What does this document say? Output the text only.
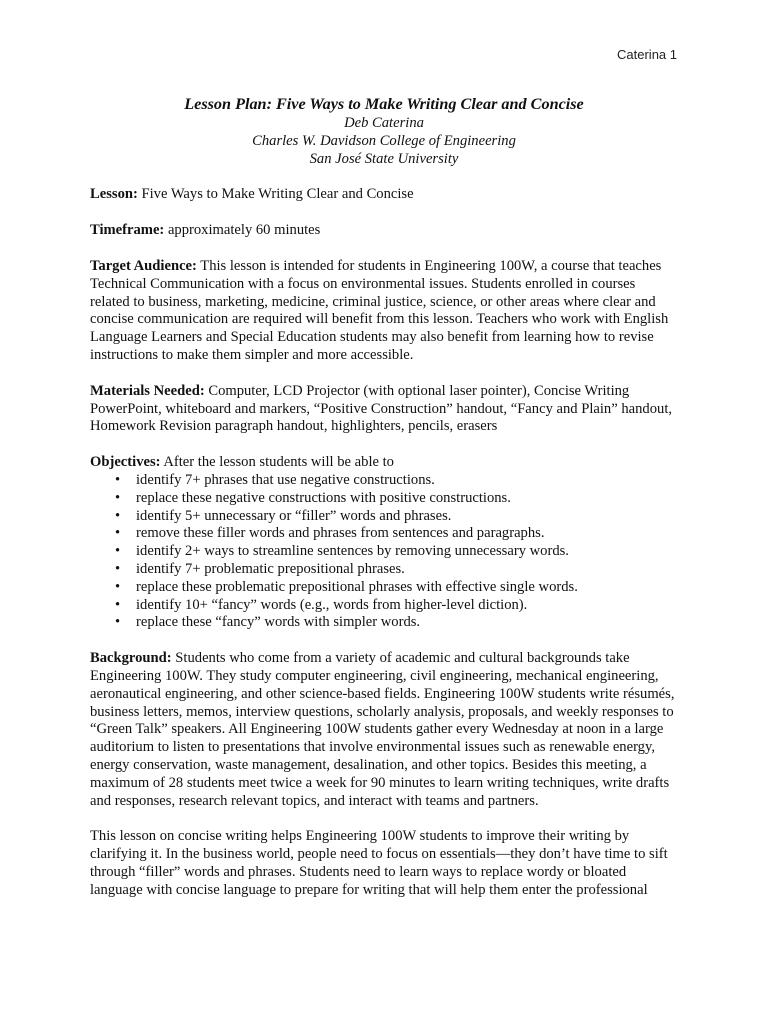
Caterina 1
Lesson Plan: Five Ways to Make Writing Clear and Concise
Deb Caterina
Charles W. Davidson College of Engineering
San José State University

Lesson: Five Ways to Make Writing Clear and Concise

Timeframe: approximately 60 minutes

Target Audience: This lesson is intended for students in Engineering 100W, a course that teaches Technical Communication with a focus on environmental issues. Students enrolled in courses related to business, marketing, medicine, criminal justice, science, or other areas where clear and concise communication are required will benefit from this lesson. Teachers who work with English Language Learners and Special Education students may also benefit from learning how to revise instructions to make them simpler and more accessible.

Materials Needed: Computer, LCD Projector (with optional laser pointer), Concise Writing PowerPoint, whiteboard and markers, “Positive Construction” handout, “Fancy and Plain” handout, Homework Revision paragraph handout, highlighters, pencils, erasers

Objectives: After the lesson students will be able to
• identify 7+ phrases that use negative constructions.
• replace these negative constructions with positive constructions.
• identify 5+ unnecessary or “filler” words and phrases.
• remove these filler words and phrases from sentences and paragraphs.
• identify 2+ ways to streamline sentences by removing unnecessary words.
• identify 7+ problematic prepositional phrases.
• replace these problematic prepositional phrases with effective single words.
• identify 10+ “fancy” words (e.g., words from higher-level diction).
• replace these “fancy” words with simpler words.

Background: Students who come from a variety of academic and cultural backgrounds take Engineering 100W. They study computer engineering, civil engineering, mechanical engineering, aeronautical engineering, and other science-based fields. Engineering 100W students write résumés, business letters, memos, interview questions, scholarly analysis, proposals, and weekly responses to “Green Talk” speakers. All Engineering 100W students gather every Wednesday at noon in a large auditorium to listen to presentations that involve environmental issues such as renewable energy, energy conservation, waste management, desalination, and other topics. Besides this meeting, a maximum of 28 students meet twice a week for 90 minutes to learn writing techniques, write drafts and responses, research relevant topics, and interact with teams and partners.

This lesson on concise writing helps Engineering 100W students to improve their writing by clarifying it. In the business world, people need to focus on essentials—they don’t have time to sift through “filler” words and phrases. Students need to learn ways to replace wordy or bloated language with concise language to prepare for writing that will help them enter the professional
